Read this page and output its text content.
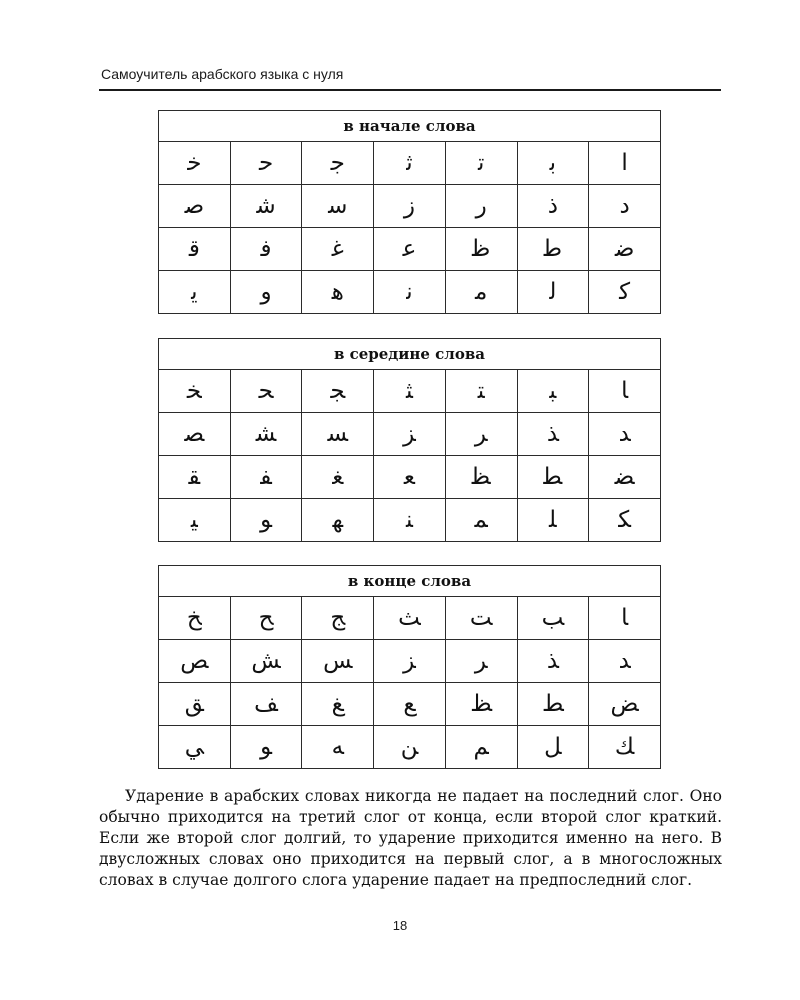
Самоучитель арабского языка с нуля
в начале слова						
ﺧ	ﺣ	ﺟ	ﺛ	ﺗ	ﺑ	ا
ﺻ	ﺷ	ﺳ	ز	ر	ذ	د
ﻗ	ﻓ	ﻏ	ﻋ	ﻇ	ﻃ	ﺿ
ﻳ	و	ﻫ	ﻧ	ﻣ	ﻟ	ﻛ
в середине слова						
ﺨ	ﺤ	ﺠ	ﺜ	ﺘ	ﺒ	ﺎ
ﺼ	ﺸ	ﺴ	ﺰ	ﺮ	ﺬ	ﺪ
ﻘ	ﻔ	ﻐ	ﻌ	ﻈ	ﻄ	ﻀ
ﻴ	ﻮ	ﻬ	ﻨ	ﻤ	ﻠ	ﻜ
в конце слова						
ﺦ	ﺢ	ﺞ	ﺚ	ﺖ	ﺐ	ﺎ
ﺺ	ﺶ	ﺲ	ﺰ	ﺮ	ﺬ	ﺪ
ﻖ	ﻒ	ﻎ	ﻊ	ﻆ	ﻂ	ﺾ
ﻲ	ﻮ	ﻪ	ﻦ	ﻢ	ﻞ	ﻚ

Ударение в арабских словах никогда не падает на последний слог. Оно обычно приходится на третий слог от конца, если второй слог краткий. Если же второй слог долгий, то ударение приходится именно на него. В двусложных словах оно приходится на первый слог, а в многосложных словах в случае долгого слога ударение падает на предпоследний слог.

18
